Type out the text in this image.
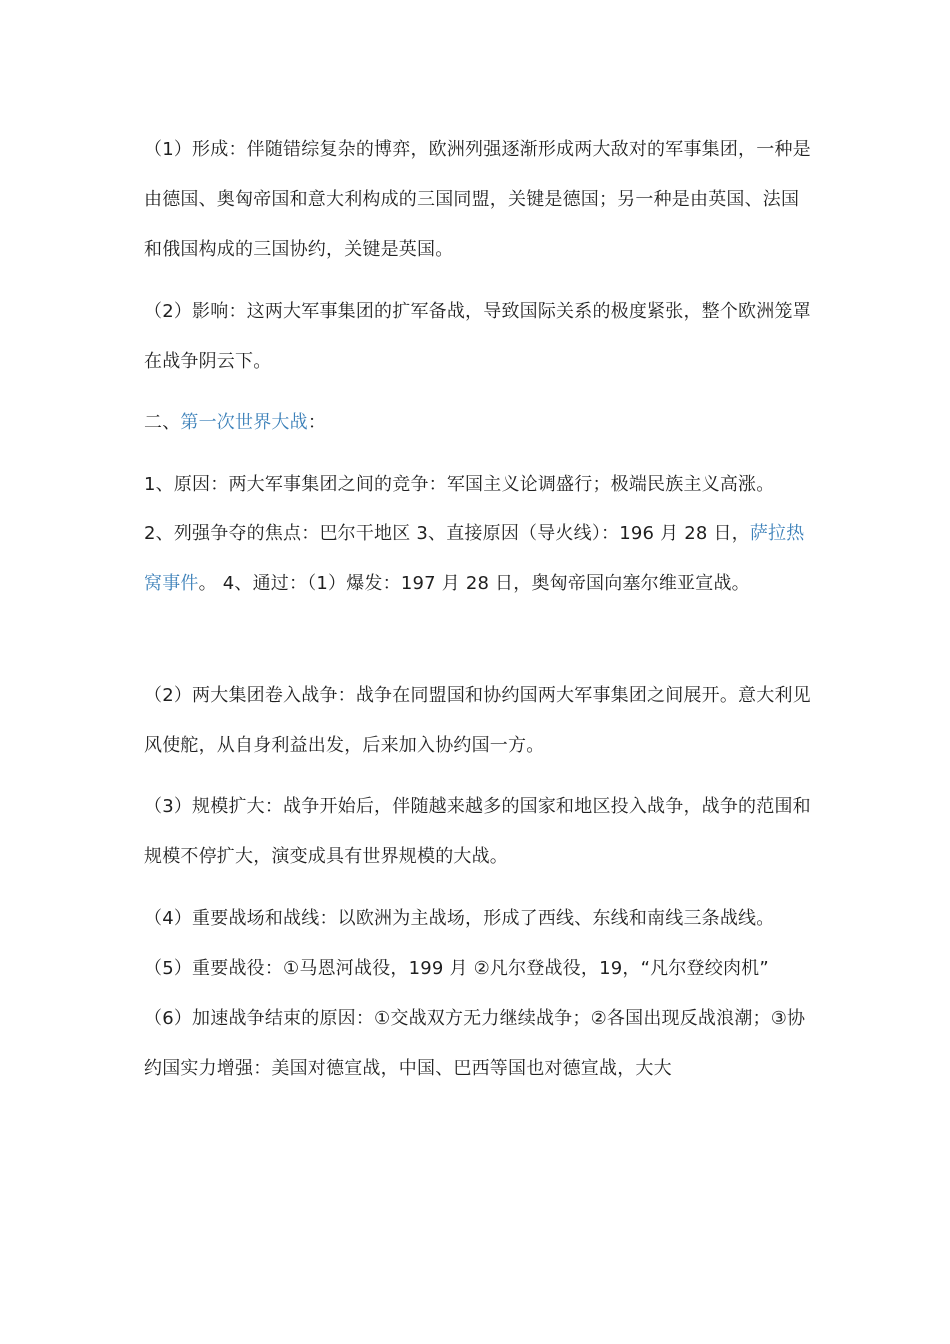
（1）形成：伴随错综复杂的博弈，欧洲列强逐渐形成两大敌对的军事集团，一种是由德国、奥匈帝国和意大利构成的三国同盟，关键是德国；另一种是由英国、法国和俄国构成的三国协约，关键是英国。

（2）影响：这两大军事集团的扩军备战，导致国际关系的极度紧张，整个欧洲笼罩在战争阴云下。

二、第一次世界大战：

1、原因：两大军事集团之间的竞争：军国主义论调盛行；极端民族主义高涨。

2、列强争夺的焦点：巴尔干地区 3、直接原因（导火线）：196 月 28 日，萨拉热窝事件。 4、通过：（1）爆发：197 月 28 日，奥匈帝国向塞尔维亚宣战。

（2）两大集团卷入战争：战争在同盟国和协约国两大军事集团之间展开。意大利见风使舵，从自身利益出发，后来加入协约国一方。

（3）规模扩大：战争开始后，伴随越来越多的国家和地区投入战争，战争的范围和规模不停扩大，演变成具有世界规模的大战。

（4）重要战场和战线：以欧洲为主战场，形成了西线、东线和南线三条战线。

（5）重要战役：①马恩河战役，199 月 ②凡尔登战役，19，“凡尔登绞肉机” （6）加速战争结束的原因：①交战双方无力继续战争；②各国出现反战浪潮；③协约国实力增强：美国对德宣战，中国、巴西等国也对德宣战，大大
